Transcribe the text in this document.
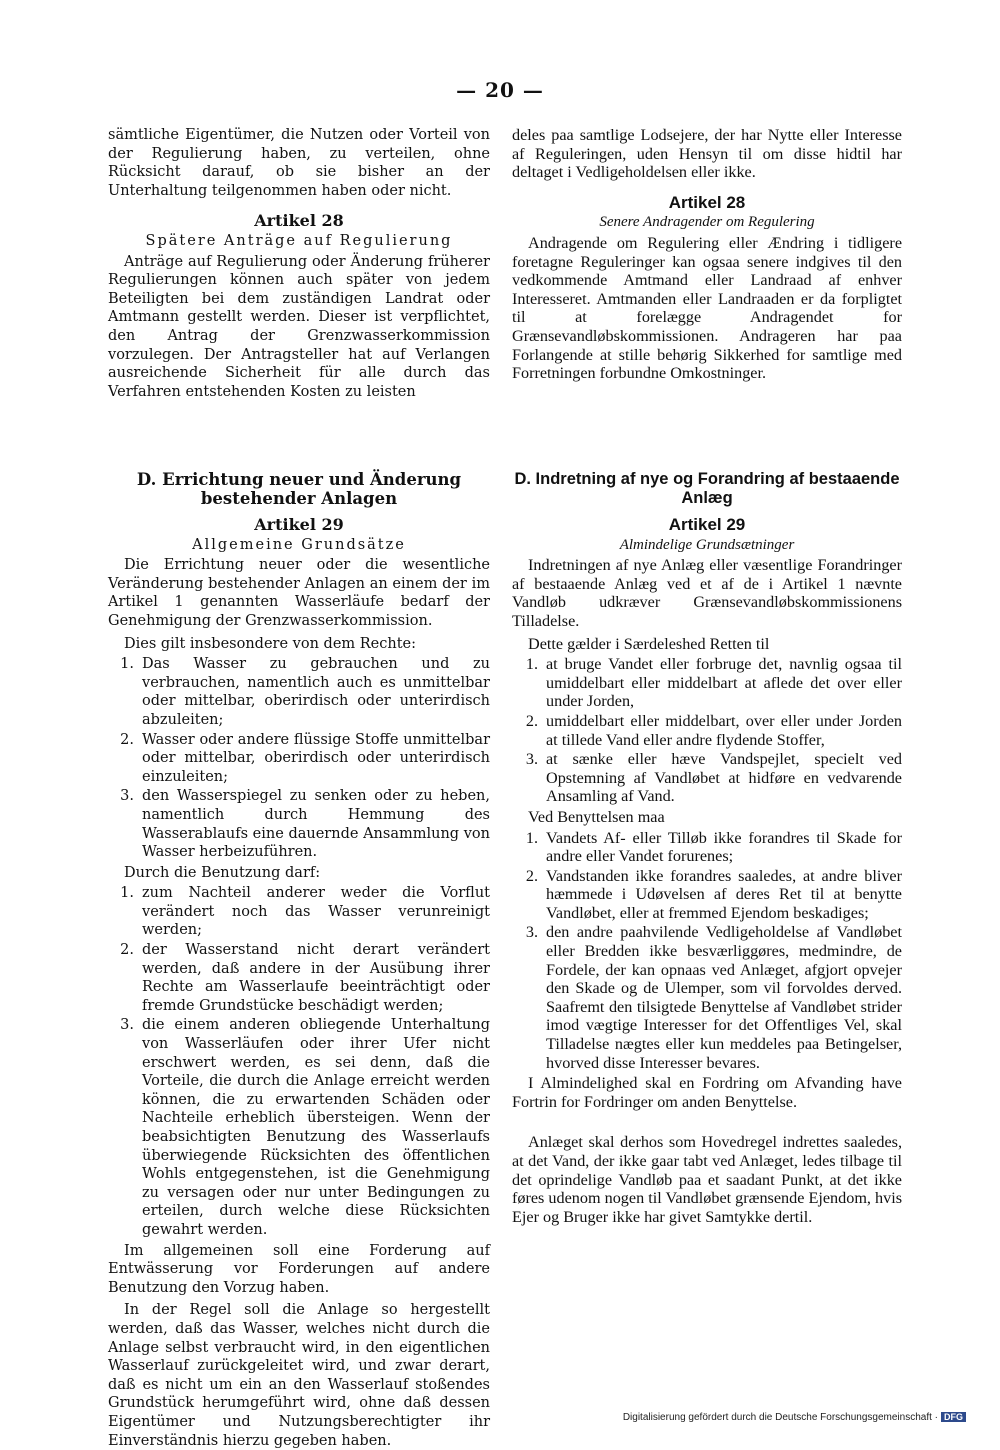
— 20 —

sämtliche Eigentümer, die Nutzen oder Vorteil von der Regulierung haben, zu verteilen, ohne Rücksicht darauf, ob sie bisher an der Unterhaltung teilgenommen haben oder nicht.

Artikel 28

Spätere Anträge auf Regulierung

Anträge auf Regulierung oder Änderung früherer Regulierungen können auch später von jedem Beteiligten bei dem zuständigen Landrat oder Amtmann gestellt werden. Dieser ist verpflichtet, den Antrag der Grenzwasserkommission vorzulegen. Der Antragsteller hat auf Verlangen ausreichende Sicherheit für alle durch das Verfahren entstehenden Kosten zu leisten

deles paa samtlige Lodsejere, der har Nytte eller Interesse af Reguleringen, uden Hensyn til om disse hidtil har deltaget i Vedligeholdelsen eller ikke.

Artikel 28

Senere Andragender om Regulering

Andragende om Regulering eller Ændring i tidligere foretagne Reguleringer kan ogsaa senere indgives til den vedkommende Amtmand eller Landraad af enhver Interesseret. Amtmanden eller Landraaden er da forpligtet til at forelægge Andragendet for Grænsevandløbskommissionen. Andrageren har paa Forlangende at stille behørig Sikkerhed for samtlige med Forretningen forbundne Omkostninger.

D. Errichtung neuer und Änderung bestehender Anlagen

Artikel 29

Allgemeine Grundsätze

Die Errichtung neuer oder die wesentliche Veränderung bestehender Anlagen an einem der im Artikel 1 genannten Wasserläufe bedarf der Genehmigung der Grenzwasserkommission.

Dies gilt insbesondere von dem Rechte:

1. Das Wasser zu gebrauchen und zu verbrauchen, namentlich auch es unmittelbar oder mittelbar, oberirdisch oder unterirdisch abzuleiten;
2. Wasser oder andere flüssige Stoffe unmittelbar oder mittelbar, oberirdisch oder unterirdisch einzuleiten;
3. den Wasserspiegel zu senken oder zu heben, namentlich durch Hemmung des Wasserablaufs eine dauernde Ansammlung von Wasser herbeizuführen.

Durch die Benutzung darf:

1. zum Nachteil anderer weder die Vorflut verändert noch das Wasser verunreinigt werden;
2. der Wasserstand nicht derart verändert werden, daß andere in der Ausübung ihrer Rechte am Wasserlaufe beeinträchtigt oder fremde Grundstücke beschädigt werden;
3. die einem anderen obliegende Unterhaltung von Wasserläufen oder ihrer Ufer nicht erschwert werden, es sei denn, daß die Vorteile, die durch die Anlage erreicht werden können, die zu erwartenden Schäden oder Nachteile erheblich übersteigen. Wenn der beabsichtigten Benutzung des Wasserlaufs überwiegende Rücksichten des öffentlichen Wohls entgegenstehen, ist die Genehmigung zu versagen oder nur unter Bedingungen zu erteilen, durch welche diese Rücksichten gewahrt werden.

Im allgemeinen soll eine Forderung auf Entwässerung vor Forderungen auf andere Benutzung den Vorzug haben.

In der Regel soll die Anlage so hergestellt werden, daß das Wasser, welches nicht durch die Anlage selbst verbraucht wird, in den eigentlichen Wasserlauf zurückgeleitet wird, und zwar derart, daß es nicht um ein an den Wasserlauf stoßendes Grundstück herumgeführt wird, ohne daß dessen Eigentümer und Nutzungsberechtigter ihr Einverständnis hierzu gegeben haben.

D. Indretning af nye og Forandring af bestaaende Anlæg

Artikel 29

Almindelige Grundsætninger

Indretningen af nye Anlæg eller væsentlige Forandringer af bestaaende Anlæg ved et af de i Artikel 1 nævnte Vandløb udkræver Grænsevandløbskommissionens Tilladelse.

Dette gælder i Særdeleshed Retten til

1. at bruge Vandet eller forbruge det, navnlig ogsaa til umiddelbart eller middelbart at aflede det over eller under Jorden,
2. umiddelbart eller middelbart, over eller under Jorden at tillede Vand eller andre flydende Stoffer,
3. at sænke eller hæve Vandspejlet, specielt ved Opstemning af Vandløbet at hidføre en vedvarende Ansamling af Vand.

Ved Benyttelsen maa

1. Vandets Af- eller Tilløb ikke forandres til Skade for andre eller Vandet forurenes;
2. Vandstanden ikke forandres saaledes, at andre bliver hæmmede i Udøvelsen af deres Ret til at benytte Vandløbet, eller at fremmed Ejendom beskadiges;
3. den andre paahvilende Vedligeholdelse af Vandløbet eller Bredden ikke besværliggøres, medmindre, de Fordele, der kan opnaas ved Anlæget, afgjort opvejer den Skade og de Ulemper, som vil forvoldes derved. Saafremt den tilsigtede Benyttelse af Vandløbet strider imod vægtige Interesser for det Offentliges Vel, skal Tilladelse nægtes eller kun meddeles paa Betingelser, hvorved disse Interesser bevares.

I Almindelighed skal en Fordring om Afvanding have Fortrin for Fordringer om anden Benyttelse.

Anlæget skal derhos som Hovedregel indrettes saaledes, at det Vand, der ikke gaar tabt ved Anlæget, ledes tilbage til det oprindelige Vandløb paa et saadant Punkt, at det ikke føres udenom nogen til Vandløbet grænsende Ejendom, hvis Ejer og Bruger ikke har givet Samtykke dertil.

Digitalisierung gefördert durch die Deutsche Forschungsgemeinschaft · DFG
